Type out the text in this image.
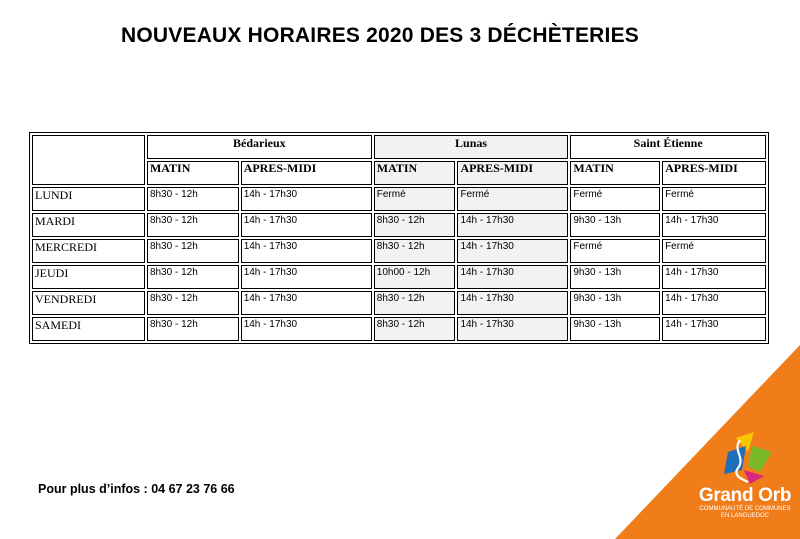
NOUVEAUX HORAIRES 2020 DES 3 DÉCHÈTERIES
	Bédarieux		Lunas		Saint Étienne	
	MATIN	APRES-MIDI	MATIN	APRES-MIDI	MATIN	APRES-MIDI
LUNDI	8h30 - 12h	14h - 17h30	Fermé	Fermé	Fermé	Fermé
MARDI	8h30 - 12h	14h - 17h30	8h30 - 12h	14h - 17h30	9h30 - 13h	14h - 17h30
MERCREDI	8h30 - 12h	14h - 17h30	8h30 - 12h	14h - 17h30	Fermé	Fermé
JEUDI	8h30 - 12h	14h - 17h30	10h00 - 12h	14h - 17h30	9h30 - 13h	14h - 17h30
VENDREDI	8h30 - 12h	14h - 17h30	8h30 - 12h	14h - 17h30	9h30 - 13h	14h - 17h30
SAMEDI	8h30 - 12h	14h - 17h30	8h30 - 12h	14h - 17h30	9h30 - 13h	14h - 17h30
Pour plus d’infos : 04 67 23 76 66	Grand Orb
COMMUNAUTÉ DE COMMUNES
EN LANGUEDOC
